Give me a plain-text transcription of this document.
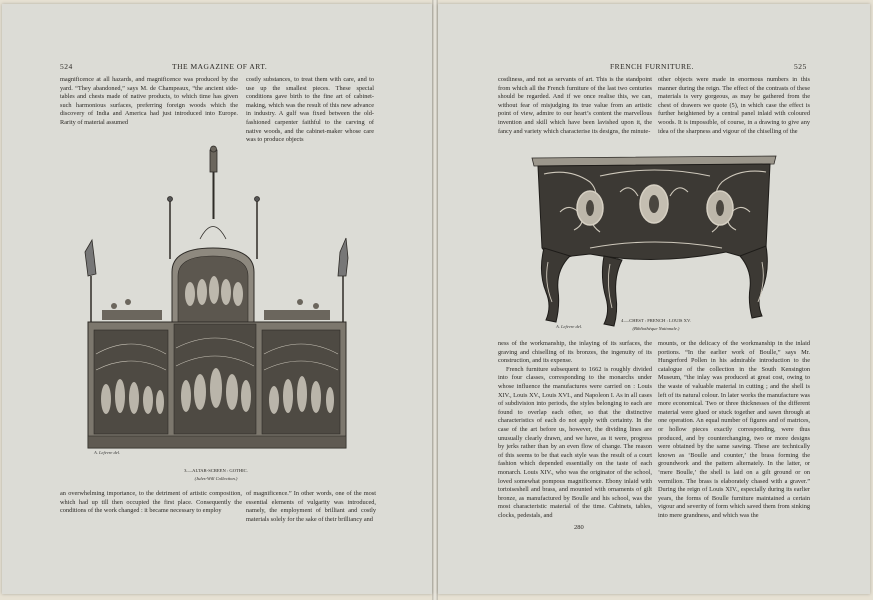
524	THE MAGAZINE OF ART.

magnificence at all hazards, and magnificence was produced by the yard. “They abandoned,” says M. de Champeaux, “the ancient side-tables and chests made of native products, to which time has given such harmonious surfaces, preferring foreign woods which the discovery of India and America had just introduced into Europe. Rarity of material assumed

costly substances, to treat them with care, and to use up the smallest pieces. These special conditions gave birth to the fine art of cabinet-making, which was the result of this new advance in industry. A gulf was fixed between the old-fashioned carpenter faithful to the carving of native woods, and the cabinet-maker whose care was to produce objects

A. Lefevre del.
3.—ALTAR-SCREEN : GOTHIC.
(Jules-Will Collection.)

an overwhelming importance, to the detriment of artistic composition, which had up till then occupied the first place. Consequently the conditions of the work changed : it became necessary to employ

of magnificence.” In other words, one of the most essential elements of vulgarity was introduced, namely, the employment of brilliant and costly materials solely for the sake of their brilliancy and

FRENCH FURNITURE.	525

costliness, and not as servants of art. This is the standpoint from which all the French furniture of the last two centuries should be regarded. And if we once realise this, we can, without fear of misjudging its true value from an artistic point of view, admire to our heart’s content the marvellous invention and skill which have been lavished upon it, the fancy and variety which characterise its designs, the minute-

other objects were made in enormous numbers in this manner during the reign. The effect of the contrasts of these materials is very gorgeous, as may be gathered from the chest of drawers we quote (5), in which case the effect is further heightened by a central panel inlaid with coloured woods. It is impossible, of course, in a drawing to give any idea of the sharpness and vigour of the chiselling of the

A. Lefevre del.
4.—CHEST : FRENCH : LOUIS XV.
(Bibliothèque Nationale.)

ness of the workmanship, the inlaying of its surfaces, the graving and chiselling of its bronzes, the ingenuity of its construction, and its expense.

French furniture subsequent to 1662 is roughly divided into four classes, corresponding to the monarchs under whose influence the manufactures were carried on : Louis XIV., Louis XV., Louis XVI., and Napoleon I. As in all cases of subdivision into periods, the styles belonging to each are found to overlap each other, so that the distinctive characteristics of each do not apply with certainty. In the case of the art before us, however, the dividing lines are unusually clearly drawn, and we have, as it were, progress by jerks rather than by an even flow of change. The reason of this seems to be that each style was the result of a court fashion which depended essentially on the taste of each monarch. Louis XIV., who was the originator of the school, loved somewhat pompous magnificence. Ebony inlaid with tortoiseshell and brass, and mounted with ornaments of gilt bronze, as manufactured by Boulle and his school, was the most characteristic material of the time. Cabinets, tables, clocks, pedestals, and

mounts, or the delicacy of the workmanship in the inlaid portions. “In the earlier work of Boulle,” says Mr. Hungerford Pollen in his admirable introduction to the catalogue of the collection in the South Kensington Museum, “the inlay was produced at great cost, owing to the waste of valuable material in cutting ; and the shell is left of its natural colour. In later works the manufacture was more economical. Two or three thicknesses of the different material were glued or stuck together and sawn through at one operation. An equal number of figures and of matrices, or hollow pieces exactly corresponding, were thus produced, and by counterchanging, two or more designs were obtained by the same sawing. These are technically known as ‘Boulle and counter,’ the brass forming the groundwork and the pattern alternately. In the latter, or ‘mere Boulle,’ the shell is laid on a gilt ground or on vermilion. The brass is elaborately chased with a graver.” During the reign of Louis XIV., especially during its earlier years, the forms of Boulle furniture maintained a certain vigour and severity of form which saved them from sinking into mere grandness, and which was the

280
